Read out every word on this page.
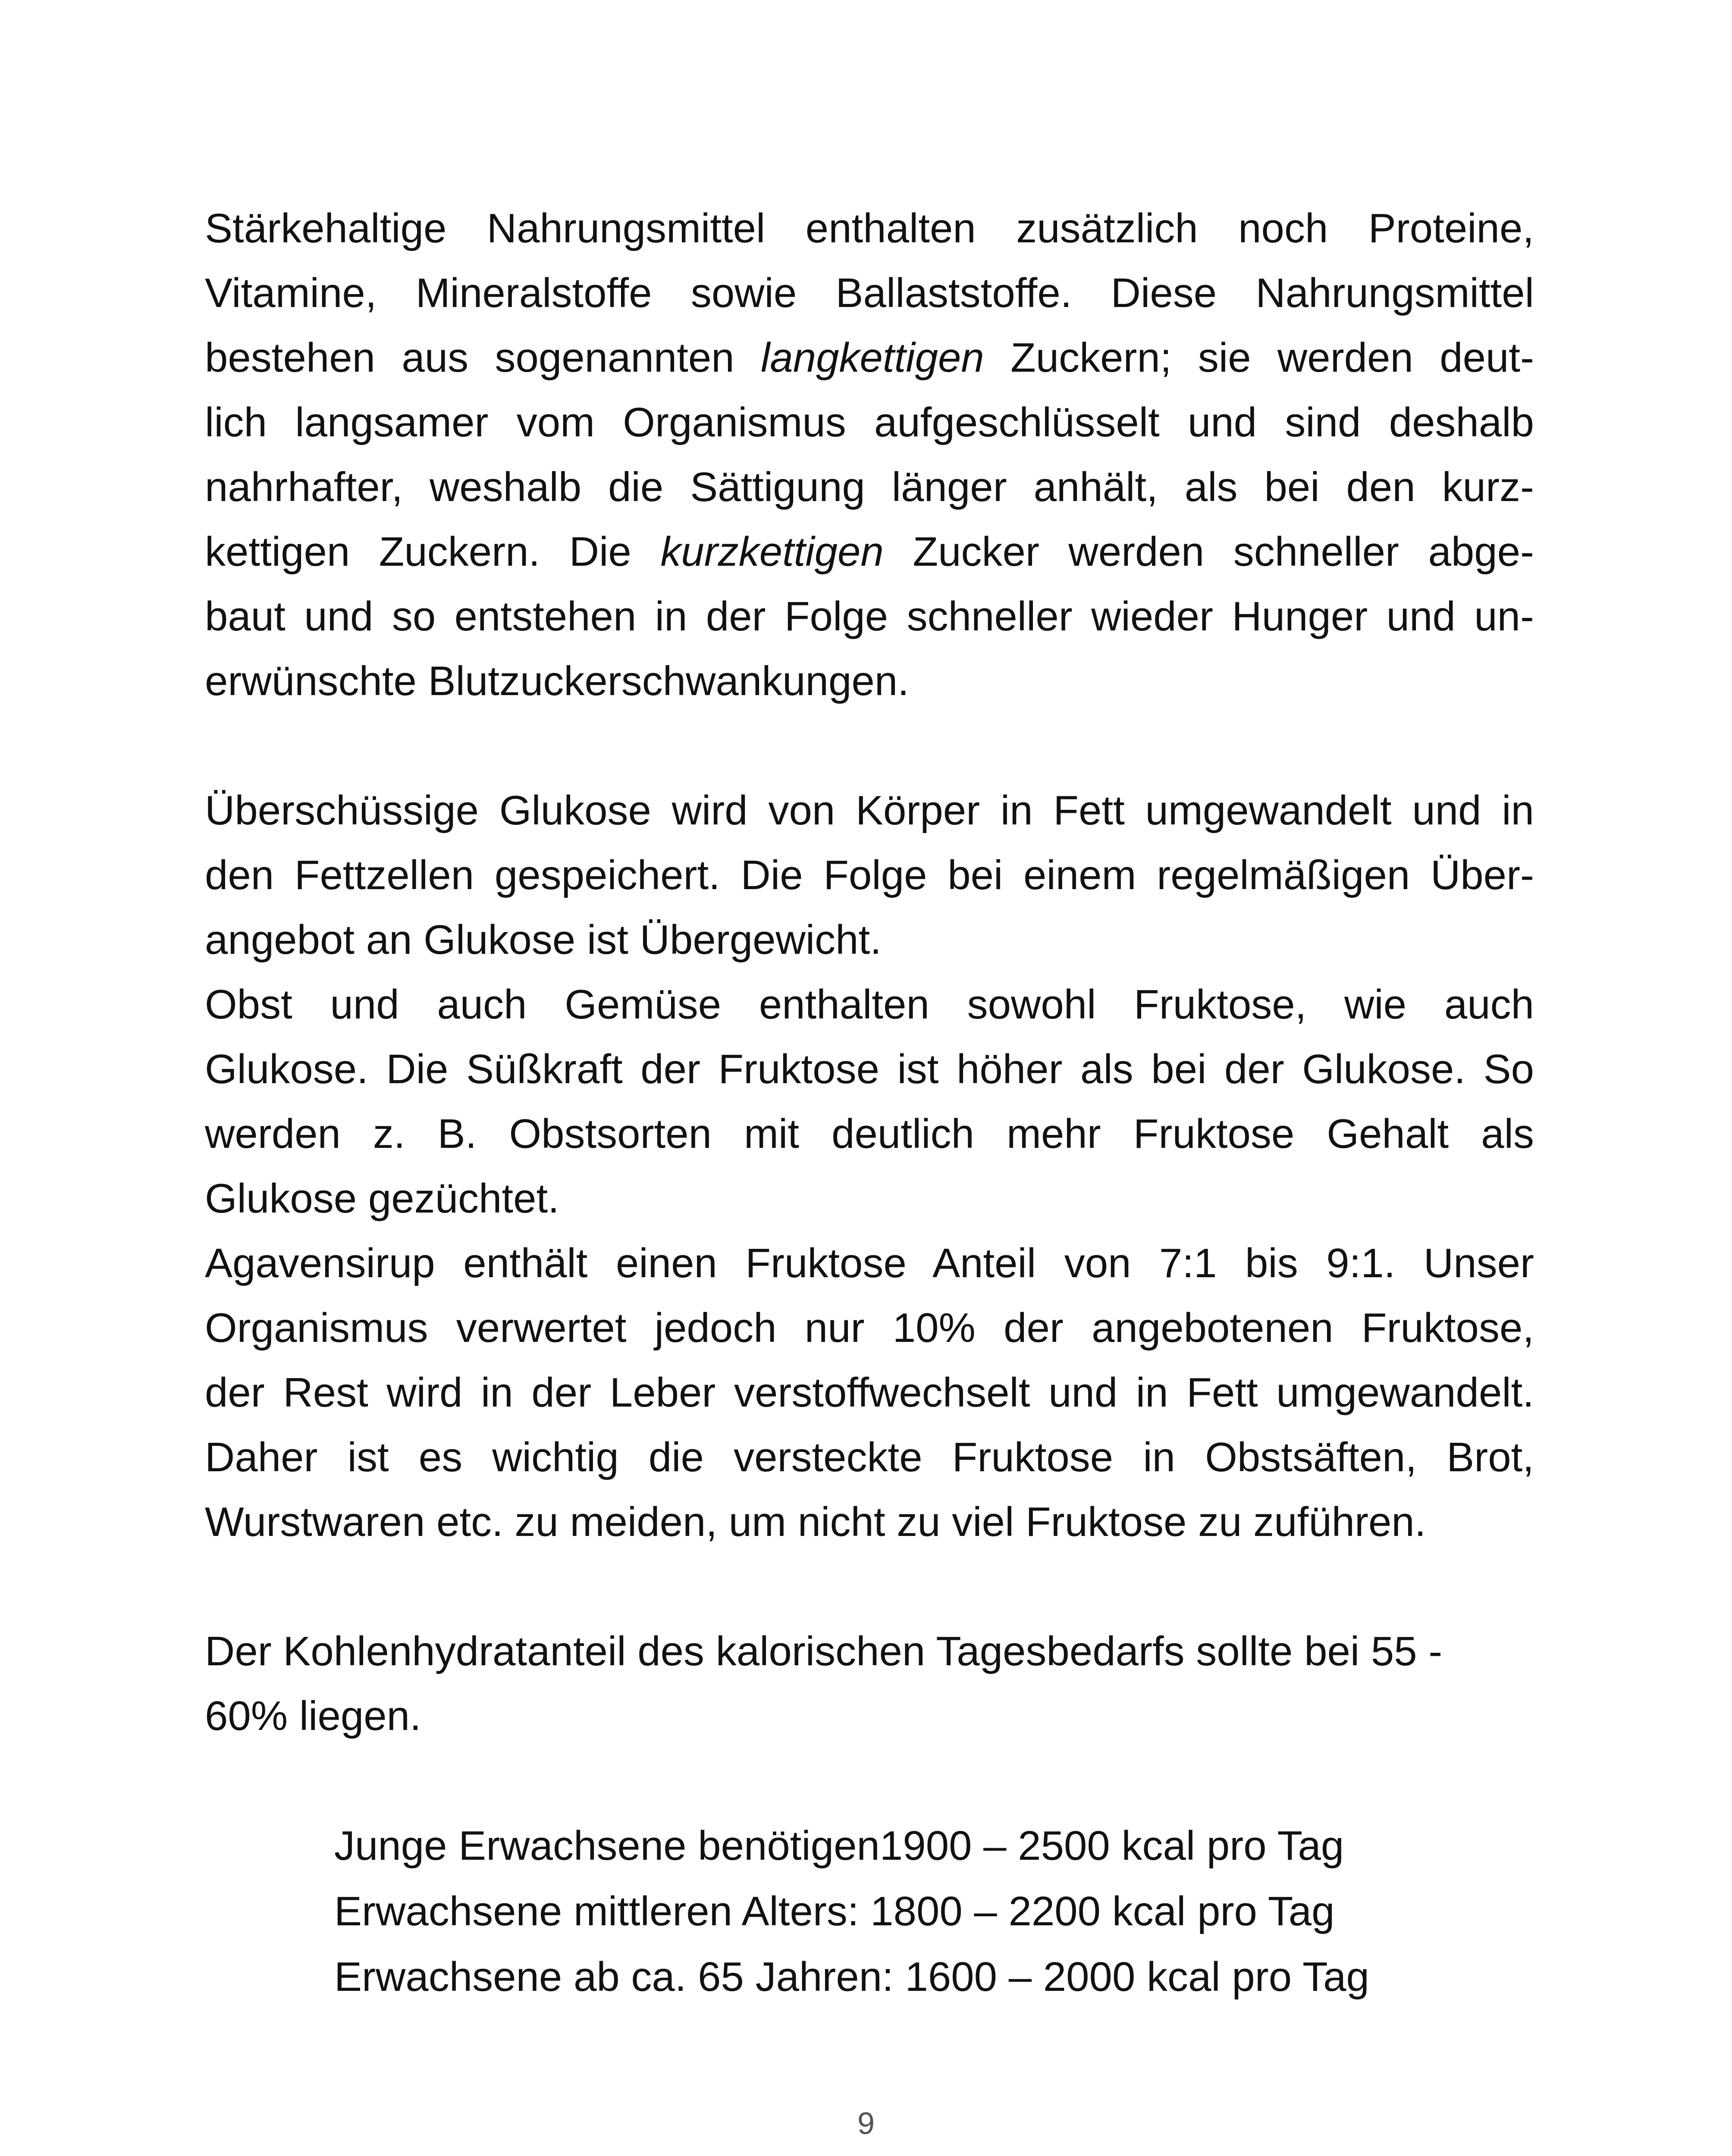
Stärkehaltige Nahrungsmittel enthalten zusätzlich noch Proteine,
Vitamine, Mineralstoffe sowie Ballaststoffe. Diese Nahrungsmittel
bestehen aus sogenannten langkettigen Zuckern; sie werden deut-
lich langsamer vom Organismus aufgeschlüsselt und sind deshalb
nahrhafter, weshalb die Sättigung länger anhält, als bei den kurz-
kettigen Zuckern. Die kurzkettigen Zucker werden schneller abge-
baut und so entstehen in der Folge schneller wieder Hunger und un-
erwünschte Blutzuckerschwankungen.
Überschüssige Glukose wird von Körper in Fett umgewandelt und in
den Fettzellen gespeichert. Die Folge bei einem regelmäßigen Über-
angebot an Glukose ist Übergewicht.
Obst und auch Gemüse enthalten sowohl Fruktose, wie auch
Glukose. Die Süßkraft der Fruktose ist höher als bei der Glukose. So
werden z. B. Obstsorten mit deutlich mehr Fruktose Gehalt als
Glukose gezüchtet.
Agavensirup enthält einen Fruktose Anteil von 7:1 bis 9:1. Unser
Organismus verwertet jedoch nur 10% der angebotenen Fruktose,
der Rest wird in der Leber verstoffwechselt und in Fett umgewandelt.
Daher ist es wichtig die versteckte Fruktose in Obstsäften, Brot,
Wurstwaren etc. zu meiden, um nicht zu viel Fruktose zu zuführen.
Der Kohlenhydratanteil des kalorischen Tagesbedarfs sollte bei 55 -
60% liegen.
Junge Erwachsene benötigen1900 – 2500 kcal pro Tag
Erwachsene mittleren Alters: 1800 – 2200 kcal pro Tag
Erwachsene ab ca. 65 Jahren: 1600 – 2000 kcal pro Tag
9
